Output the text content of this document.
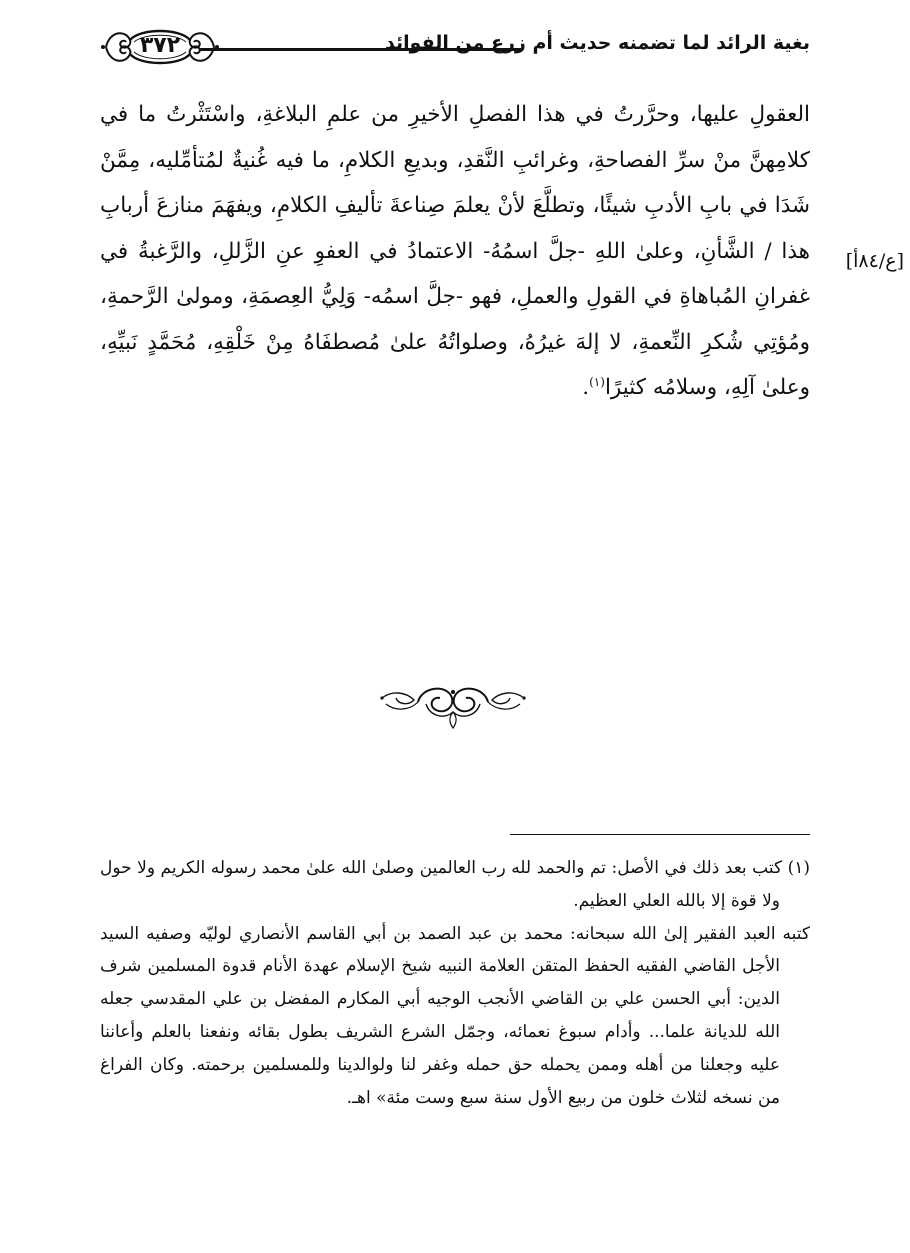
٣٧٢	بغية الرائد لما تضمنه حديث أم زرع من الفوائد
[ع/٨٤أ]

العقولِ عليها، وحرَّرتُ في هذا الفصلِ الأخيرِ من علمِ البلاغةِ، واسْتَثْرتُ ما في كلامِهنَّ منْ سرِّ الفصاحةِ، وغرائبِ النَّقدِ، وبديعِ الكلامِ، ما فيه غُنيةٌ لمُتأمِّليه، مِمَّنْ شَدَا في بابِ الأدبِ شيئًا، وتطلَّعَ لأنْ يعلمَ صِناعةَ تأليفِ الكلامِ، ويفهَمَ منازعَ أربابِ هذا / الشَّأنِ، وعلىٰ اللهِ -جلَّ اسمُهُ- الاعتمادُ في العفوِ عنِ الزَّللِ، والرَّغبةُ في غفرانِ المُباهاةِ في القولِ والعملِ، فهو -جلَّ اسمُه- وَلِيُّ العِصمَةِ، ومولىٰ الرَّحمةِ، ومُؤتِي شُكرِ النِّعمةِ، لا إلهَ غيرُهُ، وصلواتُهُ علىٰ مُصطفَاهُ مِنْ خَلْقِهِ، مُحَمَّدٍ نَبيِّهِ، وعلىٰ آلِهِ، وسلامُه كثيرًا$^{(١)}$.

(١) كتب بعد ذلك في الأصل: تم والحمد لله رب العالمين وصلىٰ الله علىٰ محمد رسوله الكريم ولا حول ولا قوة إلا بالله العلي العظيم.

كتبه العبد الفقير إلىٰ الله سبحانه: محمد بن عبد الصمد بن أبي القاسم الأنصاري لوليّه وصفيه السيد الأجل القاضي الفقيه الحفظ المتقن العلامة النبيه شيخ الإسلام عهدة الأنام قدوة المسلمين شرف الدين: أبي الحسن علي بن القاضي الأنجب الوجيه أبي المكارم المفضل بن علي المقدسي جعله الله للديانة علما... وأدام سبوغ نعمائه، وجمّل الشرع الشريف بطول بقائه ونفعنا بالعلم وأعاننا عليه وجعلنا من أهله وممن يحمله حق حمله وغفر لنا ولوالدينا وللمسلمين برحمته. وكان الفراغ من نسخه لثلاث خلون من ربيع الأول سنة سبع وست مئة» اهـ.
